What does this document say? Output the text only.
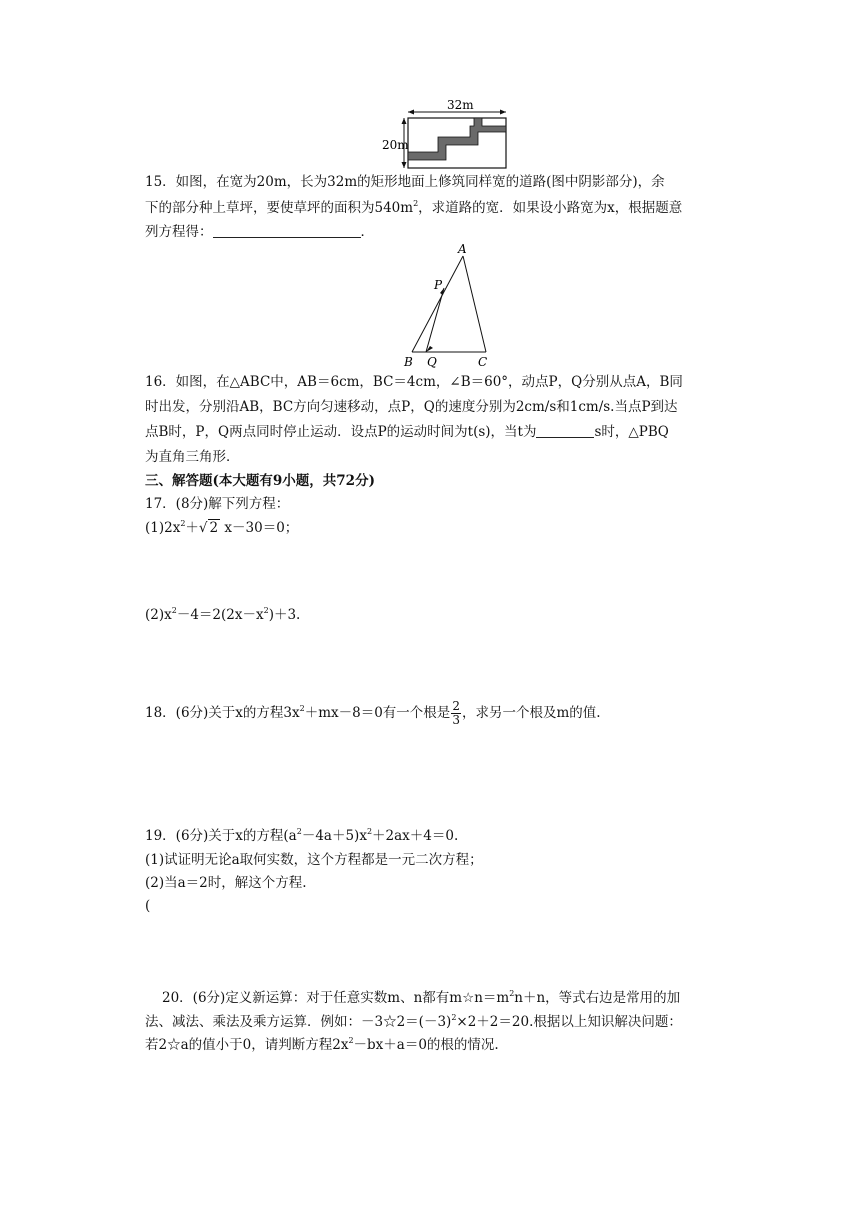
32m
20m
15．如图，在宽为20m，长为32m的矩形地面上修筑同样宽的道路(图中阴影部分)，余
下的部分种上草坪，要使草坪的面积为$540m^2$，求道路的宽．如果设小路宽为x，根据题意
列方程得：	．
A
P
B Q	C
16．如图，在△ABC中，AB＝6cm，BC＝4cm，∠B＝60°，动点P，Q分别从点A，B同
时出发，分别沿AB，BC方向匀速移动，点P，Q的速度分别为2cm/s和1cm/s.当点P到达
点B时，P，Q两点同时停止运动．设点P的运动时间为t(s)，当t为	s时，△PBQ
为直角三角形．
三、解答题(本大题有9小题，共72分)
17．(8分)解下列方程：
$(1)2x^2+√$ 2 x－30＝0；
$(2)x^2-4=2(2x-x^2)+3$.
18．(6分)关于x的方程$3x^2+mx-8=0$有一个根是 $\frac{2}{3}$ ，求另一个根及m的值.
19．(6分)关于x的方程$(a^2-4a+5)x^2+2ax+4=0$.
(1)试证明无论a取何实数，这个方程都是一元二次方程；
(2)当a＝2时，解这个方程.
(
20．(6分)定义新运算：对于任意实数m、n都有$m☆n=m^2n+n$，等式右边是常用的加
法、减法、乘法及乘方运算．例如：$-3☆2=(-3)^2\times 2+2=20$.根据以上知识解决问题：
若2☆a的值小于0，请判断方程$2x^2-bx+a=0$的根的情况.
